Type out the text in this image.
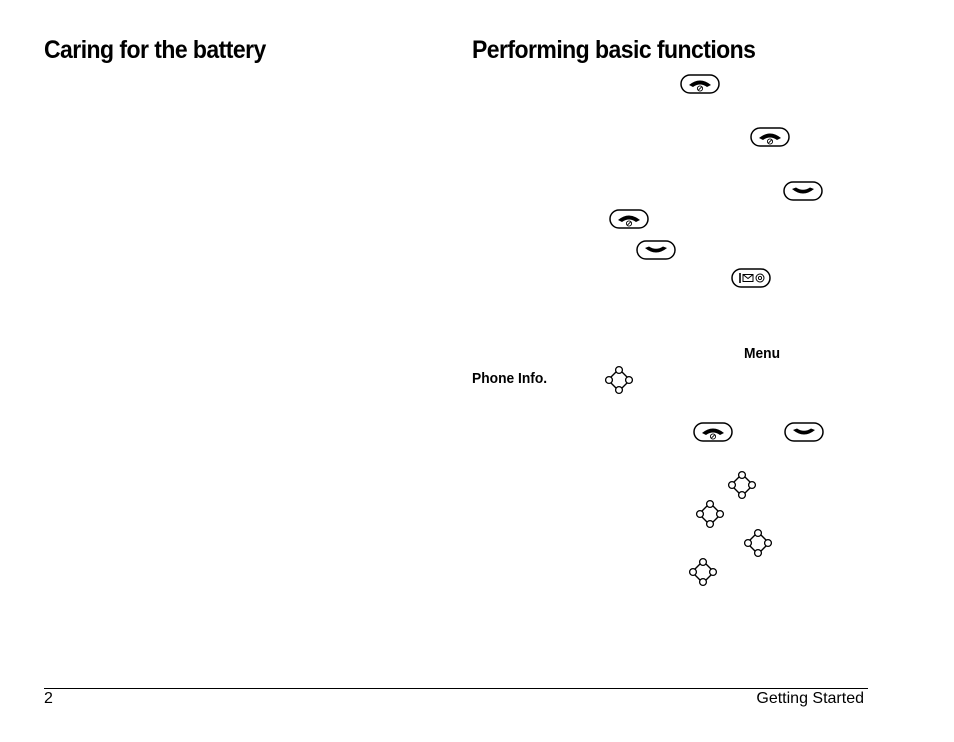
Caring for the battery	Performing basic functions
Menu
Phone Info.
2	Getting Started
